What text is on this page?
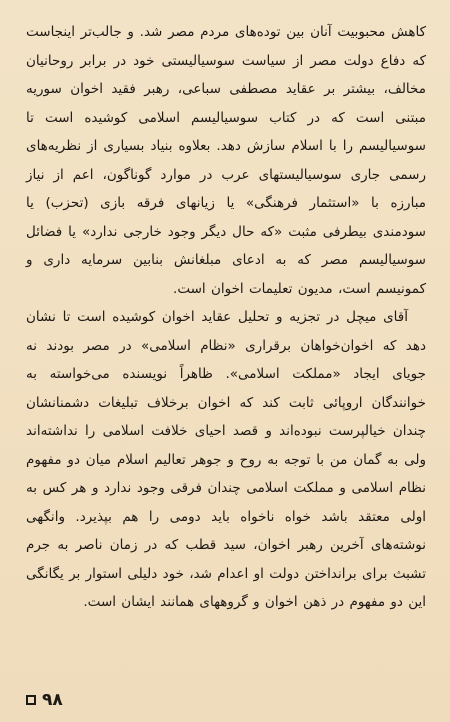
کاهش محبوبیت آنان بین توده‌های مردم مصر شد. و جالب‌تر اینجاست که دفاع دولت مصر از سیاست سوسیالیستی خود در برابر روحانیان مخالف، بیشتر بر عقاید مصطفی سباعی، رهبر فقید اخوان سوریه مبتنی است که در کتاب سوسیالیسم اسلامی کوشیده است تا سوسیالیسم را با اسلام سازش دهد. بعلاوه بنیاد بسیاری از نظریه‌های رسمی جاری سوسیالیستهای عرب در موارد گوناگون، اعم از نیاز مبارزه با «استثمار فرهنگی» یا زیانهای فرقه بازی (تحزب) یا سودمندی بیطرفی مثبت «که حال دیگر وجود خارجی ندارد» یا فضائل سوسیالیسم مصر که به ادعای مبلغانش بنابین سرمایه داری و کمونیسم است، مدیون تعلیمات اخوان است.

آقای میچل در تجزیه و تحلیل عقاید اخوان کوشیده است تا نشان دهد که اخوان‌خواهان برقراری «نظام اسلامی» در مصر بودند نه جویای ایجاد «مملکت اسلامی». ظاهراً نویسنده می‌خواسته به خوانندگان اروپائی ثابت کند که اخوان برخلاف تبلیغات دشمنانشان چندان خیالپرست نبوده‌اند و قصد احیای خلافت اسلامی را نداشته‌اند ولی به گمان من با توجه به روح و جوهر تعالیم اسلام میان دو مفهوم نظام اسلامی و مملکت اسلامی چندان فرقی وجود ندارد و هر کس به اولی معتقد باشد خواه ناخواه باید دومی را هم بپذیرد. وانگهی نوشته‌های آخرین رهبر اخوان، سید قطب که در زمان ناصر به جرم تشبث برای برانداختن دولت او اعدام شد، خود دلیلی استوار بر یگانگی این دو مفهوم در ذهن اخوان و گروههای همانند ایشان است.

۹۸
